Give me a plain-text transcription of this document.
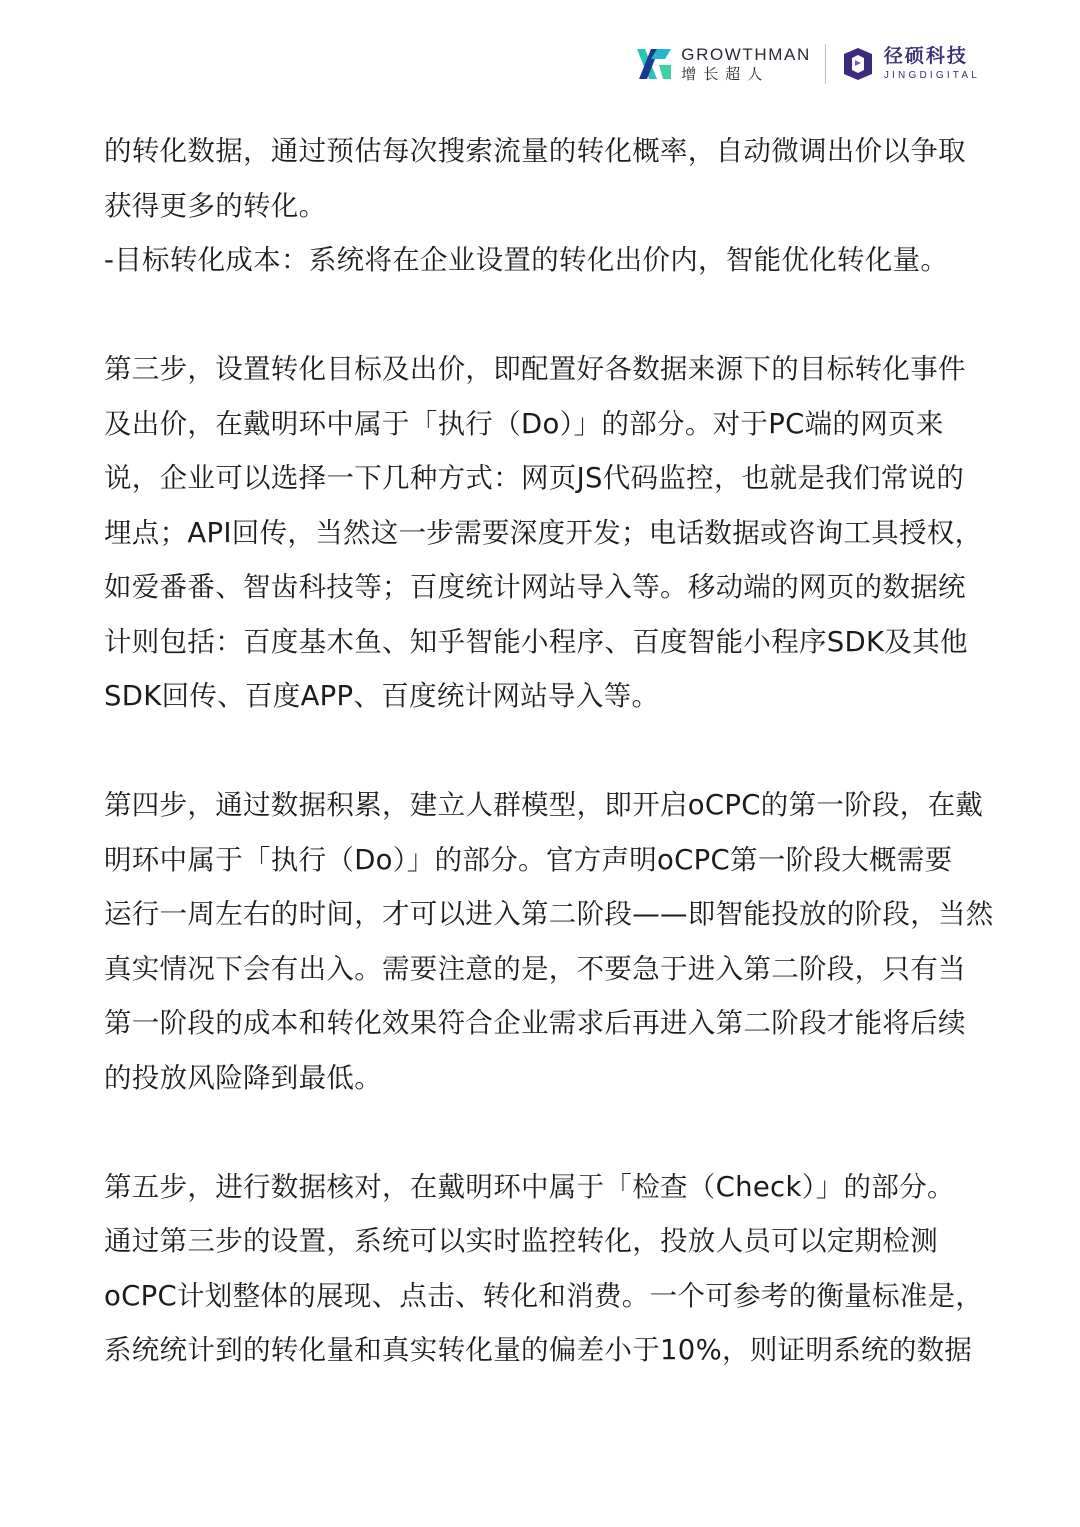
GROWTHMAN
增长超人
径硕科技
JINGDIGITAL
的转化数据，通过预估每次搜索流量的转化概率，自动微调出价以争取
获得更多的转化。
-目标转化成本：系统将在企业设置的转化出价内，智能优化转化量。
第三步，设置转化目标及出价，即配置好各数据来源下的目标转化事件
及出价，在戴明环中属于「执行（Do）」的部分。对于PC端的网页来
说，企业可以选择一下几种方式：网页JS代码监控，也就是我们常说的
埋点；API回传，当然这一步需要深度开发；电话数据或咨询工具授权，
如爱番番、智齿科技等；百度统计网站导入等。移动端的网页的数据统
计则包括：百度基木鱼、知乎智能小程序、百度智能小程序SDK及其他
SDK回传、百度APP、百度统计网站导入等。
第四步，通过数据积累，建立人群模型，即开启oCPC的第一阶段，在戴
明环中属于「执行（Do）」的部分。官方声明oCPC第一阶段大概需要
运行一周左右的时间，才可以进入第二阶段——即智能投放的阶段，当然
真实情况下会有出入。需要注意的是，不要急于进入第二阶段，只有当
第一阶段的成本和转化效果符合企业需求后再进入第二阶段才能将后续
的投放风险降到最低。
第五步，进行数据核对，在戴明环中属于「检查（Check）」的部分。
通过第三步的设置，系统可以实时监控转化，投放人员可以定期检测
oCPC计划整体的展现、点击、转化和消费。一个可参考的衡量标准是，
系统统计到的转化量和真实转化量的偏差小于10%，则证明系统的数据
